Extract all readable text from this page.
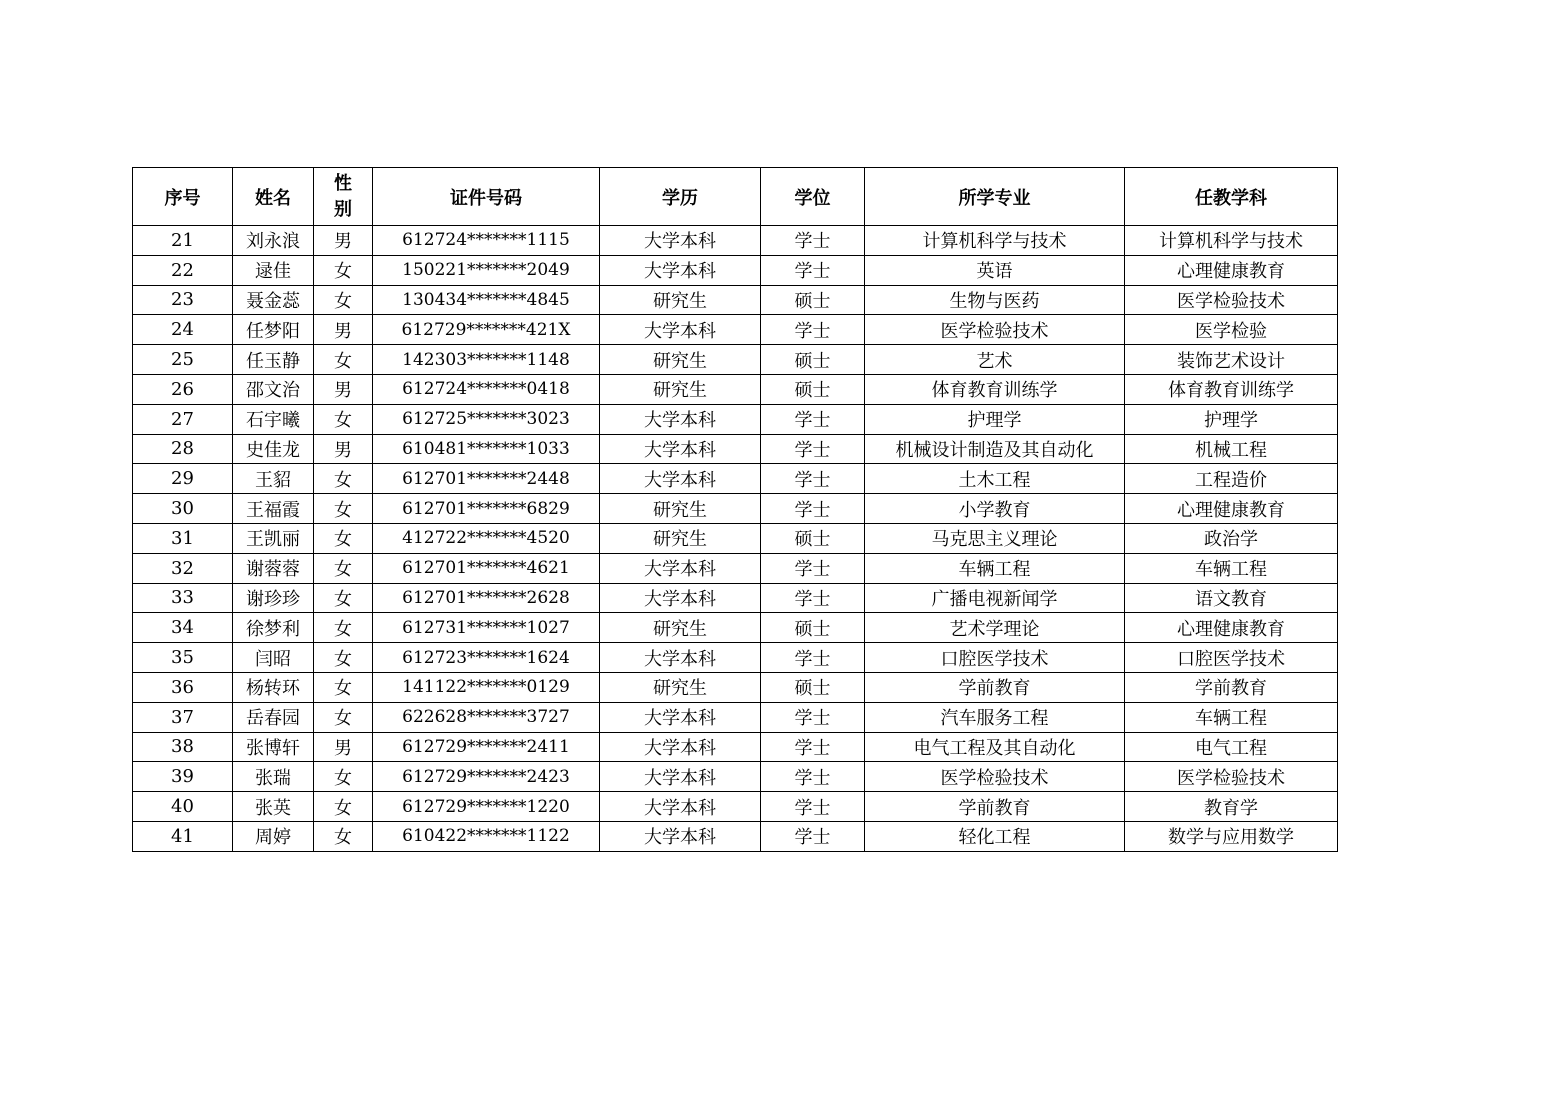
序号	姓名	性别	证件号码	学历	学位	所学专业	任教学科
21	刘永浪	男	612724*******1115	大学本科	学士	计算机科学与技术	计算机科学与技术
22	逯佳	女	150221*******2049	大学本科	学士	英语	心理健康教育
23	聂金蕊	女	130434*******4845	研究生	硕士	生物与医药	医学检验技术
24	任梦阳	男	612729*******421X	大学本科	学士	医学检验技术	医学检验
25	任玉静	女	142303*******1148	研究生	硕士	艺术	装饰艺术设计
26	邵文治	男	612724*******0418	研究生	硕士	体育教育训练学	体育教育训练学
27	石宇曦	女	612725*******3023	大学本科	学士	护理学	护理学
28	史佳龙	男	610481*******1033	大学本科	学士	机械设计制造及其自动化	机械工程
29	王貂	女	612701*******2448	大学本科	学士	土木工程	工程造价
30	王福霞	女	612701*******6829	研究生	学士	小学教育	心理健康教育
31	王凯丽	女	412722*******4520	研究生	硕士	马克思主义理论	政治学
32	谢蓉蓉	女	612701*******4621	大学本科	学士	车辆工程	车辆工程
33	谢珍珍	女	612701*******2628	大学本科	学士	广播电视新闻学	语文教育
34	徐梦利	女	612731*******1027	研究生	硕士	艺术学理论	心理健康教育
35	闫昭	女	612723*******1624	大学本科	学士	口腔医学技术	口腔医学技术
36	杨转环	女	141122*******0129	研究生	硕士	学前教育	学前教育
37	岳春园	女	622628*******3727	大学本科	学士	汽车服务工程	车辆工程
38	张博轩	男	612729*******2411	大学本科	学士	电气工程及其自动化	电气工程
39	张瑞	女	612729*******2423	大学本科	学士	医学检验技术	医学检验技术
40	张英	女	612729*******1220	大学本科	学士	学前教育	教育学
41	周婷	女	610422*******1122	大学本科	学士	轻化工程	数学与应用数学
